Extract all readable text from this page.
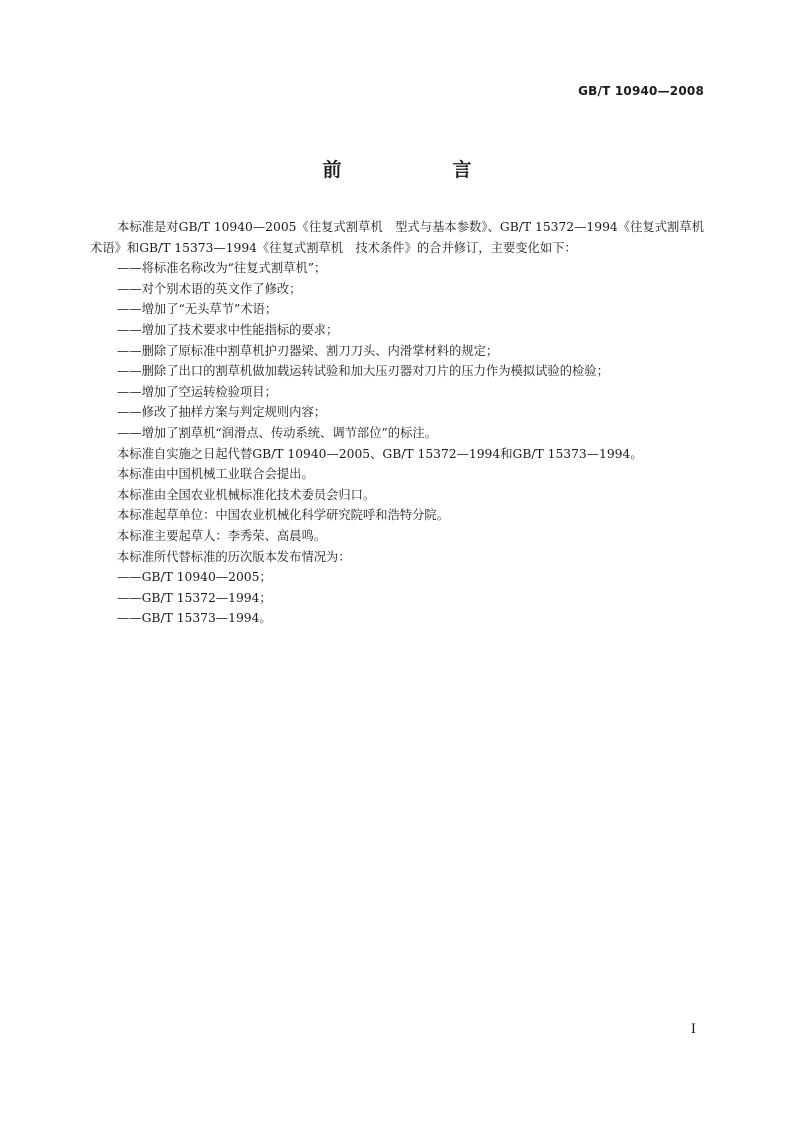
GB/T 10940—2008
前　言

本标准是对GB/T 10940—2005《往复式割草机　型式与基本参数》、GB/T 15372—1994《往复式割草机　术语》和GB/T 15373—1994《往复式割草机　技术条件》的合并修订，主要变化如下：

——将标准名称改为“往复式割草机”；

——对个别术语的英文作了修改；

——增加了“无头草节”术语；

——增加了技术要求中性能指标的要求；

——删除了原标准中割草机护刃器梁、割刀刀头、内滑掌材料的规定；

——删除了出口的割草机做加载运转试验和加大压刃器对刀片的压力作为模拟试验的检验；

——增加了空运转检验项目；

——修改了抽样方案与判定规则内容；

——增加了割草机“润滑点、传动系统、调节部位”的标注。

本标准自实施之日起代替GB/T 10940—2005、GB/T 15372—1994和GB/T 15373—1994。

本标准由中国机械工业联合会提出。

本标准由全国农业机械标准化技术委员会归口。

本标准起草单位：中国农业机械化科学研究院呼和浩特分院。

本标准主要起草人：李秀荣、高晨鸣。

本标准所代替标准的历次版本发布情况为：

——GB/T 10940—2005；

——GB/T 15372—1994；

——GB/T 15373—1994。

I
